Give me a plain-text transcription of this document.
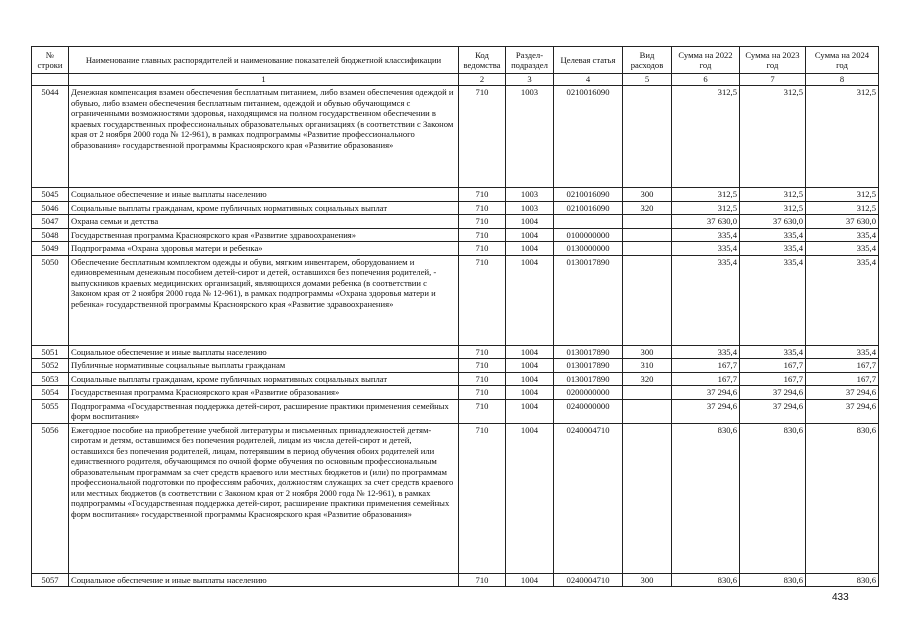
№ строки	Наименование главных распорядителей и наименование показателей бюджетной классификации	Код ведомства	Раздел-подраздел	Целевая статья	Вид расходов	Сумма на 2022 год	Сумма на 2023 год	Сумма на 2024 год
	1	2	3	4	5	6	7	8
5044	Денежная компенсация взамен обеспечения бесплатным питанием, либо взамен обеспечения одеждой и обувью, либо взамен обеспечения бесплатным питанием, одеждой и обувью обучающимся с ограниченными возможностями здоровья, находящимся на полном государственном обеспечении в краевых государственных профессиональных образовательных организациях (в соответствии с Законом края от 2 ноября 2000 года № 12-961), в рамках подпрограммы «Развитие профессионального образования» государственной программы Красноярского края «Развитие образования»	710	1003	0210016090		312,5	312,5	312,5
5045	Социальное обеспечение и иные выплаты населению	710	1003	0210016090	300	312,5	312,5	312,5
5046	Социальные выплаты гражданам, кроме публичных нормативных социальных выплат	710	1003	0210016090	320	312,5	312,5	312,5
5047	Охрана семьи и детства	710	1004			37 630,0	37 630,0	37 630,0
5048	Государственная программа Красноярского края «Развитие здравоохранения»	710	1004	0100000000		335,4	335,4	335,4
5049	Подпрограмма «Охрана здоровья матери и ребенка»	710	1004	0130000000		335,4	335,4	335,4
5050	Обеспечение бесплатным комплектом одежды и обуви, мягким инвентарем, оборудованием и единовременным денежным пособием детей-сирот и детей, оставшихся без попечения родителей, - выпускников краевых медицинских организаций, являющихся домами ребенка (в соответствии с Законом края от 2 ноября 2000 года № 12-961), в рамках подпрограммы «Охрана здоровья матери и ребенка» государственной программы Красноярского края «Развитие здравоохранения»	710	1004	0130017890		335,4	335,4	335,4
5051	Социальное обеспечение и иные выплаты населению	710	1004	0130017890	300	335,4	335,4	335,4
5052	Публичные нормативные социальные выплаты гражданам	710	1004	0130017890	310	167,7	167,7	167,7
5053	Социальные выплаты гражданам, кроме публичных нормативных социальных выплат	710	1004	0130017890	320	167,7	167,7	167,7
5054	Государственная программа Красноярского края «Развитие образования»	710	1004	0200000000		37 294,6	37 294,6	37 294,6
5055	Подпрограмма «Государственная поддержка детей-сирот, расширение практики применения семейных форм воспитания»	710	1004	0240000000		37 294,6	37 294,6	37 294,6
5056	Ежегодное пособие на приобретение учебной литературы и письменных принадлежностей детям-сиротам и детям, оставшимся без попечения родителей, лицам из числа детей-сирот и детей, оставшихся без попечения родителей, лицам, потерявшим в период обучения обоих родителей или единственного родителя, обучающимся по очной форме обучения по основным профессиональным образовательным программам за счет средств краевого или местных бюджетов и (или) по программам профессиональной подготовки по профессиям рабочих, должностям служащих за счет средств краевого или местных бюджетов (в соответствии с Законом края от 2 ноября 2000 года № 12-961), в рамках подпрограммы «Государственная поддержка детей-сирот, расширение практики применения семейных форм воспитания» государственной программы Красноярского края «Развитие образования»	710	1004	0240004710		830,6	830,6	830,6
5057	Социальное обеспечение и иные выплаты населению	710	1004	0240004710	300	830,6	830,6	830,6
433
